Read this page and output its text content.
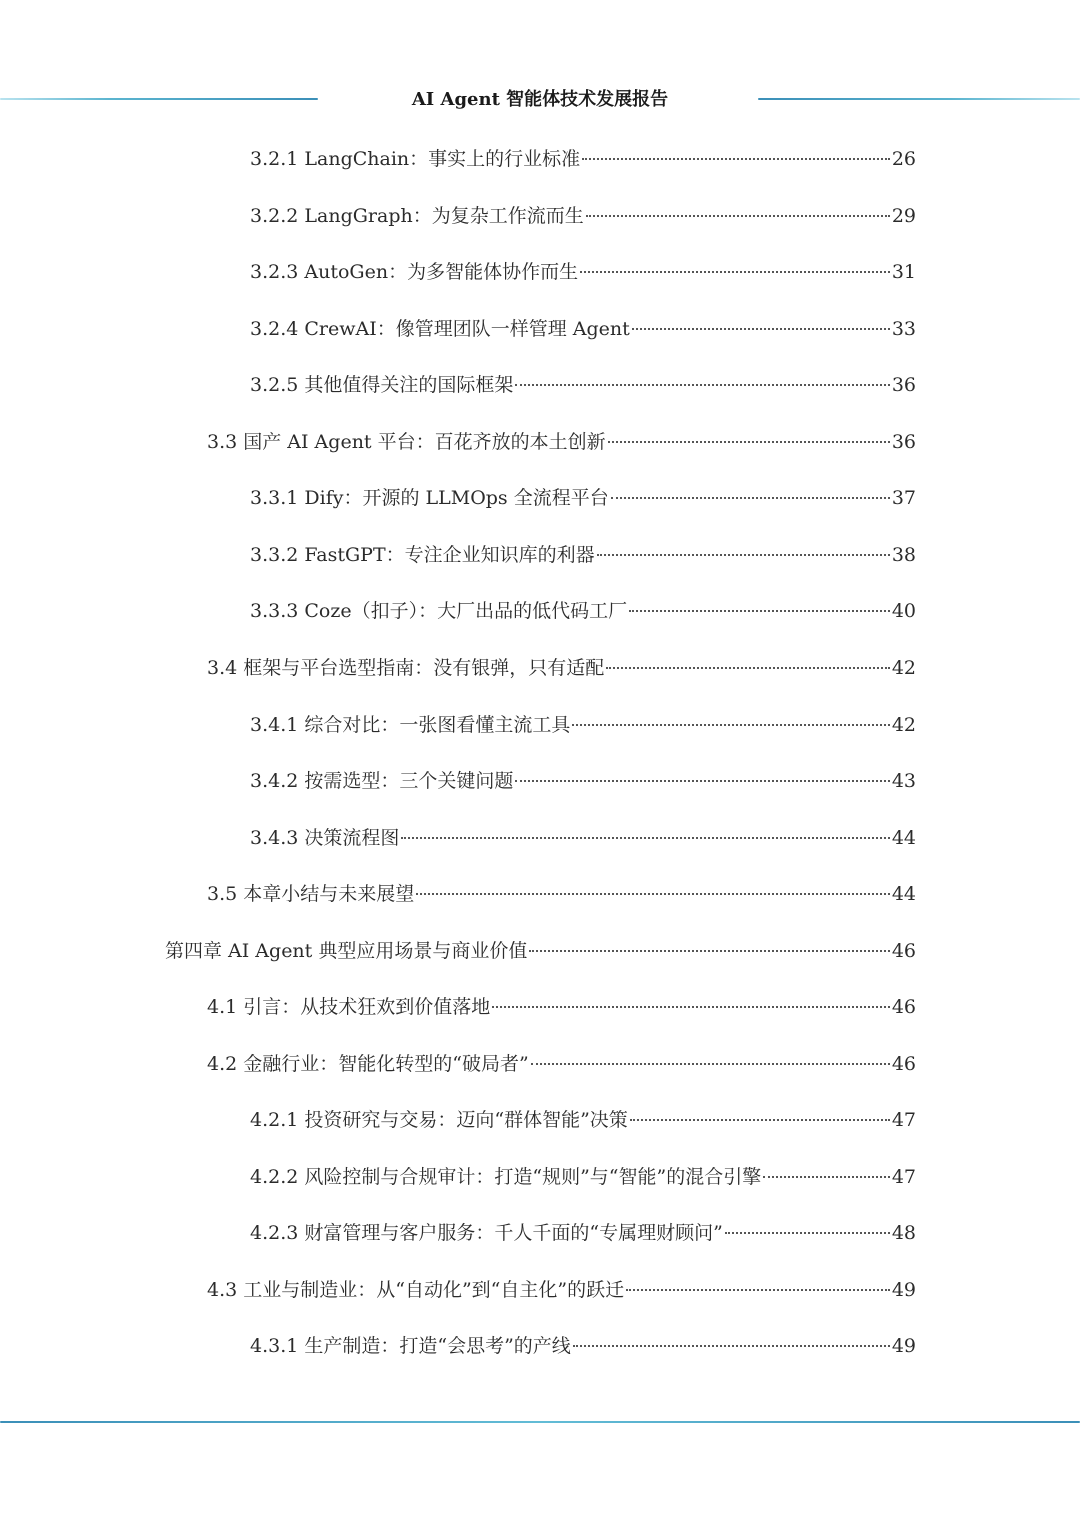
AI Agent 智能体技术发展报告
3.2.1 LangChain：事实上的行业标准	26
3.2.2 LangGraph：为复杂工作流而生	29
3.2.3 AutoGen：为多智能体协作而生	31
3.2.4 CrewAI：像管理团队一样管理 Agent	33
3.2.5 其他值得关注的国际框架	36
3.3 国产 AI Agent 平台：百花齐放的本土创新	36
3.3.1 Dify：开源的 LLMOps 全流程平台	37
3.3.2 FastGPT：专注企业知识库的利器	38
3.3.3 Coze（扣子）：大厂出品的低代码工厂	40
3.4 框架与平台选型指南：没有银弹，只有适配	42
3.4.1 综合对比：一张图看懂主流工具	42
3.4.2 按需选型：三个关键问题	43
3.4.3 决策流程图	44
3.5 本章小结与未来展望	44
第四章 AI Agent 典型应用场景与商业价值	46
4.1 引言：从技术狂欢到价值落地	46
4.2 金融行业：智能化转型的“破局者”	46
4.2.1 投资研究与交易：迈向“群体智能”决策	47
4.2.2 风险控制与合规审计：打造“规则”与“智能”的混合引擎	47
4.2.3 财富管理与客户服务：千人千面的“专属理财顾问”	48
4.3 工业与制造业：从“自动化”到“自主化”的跃迁	49
4.3.1 生产制造：打造“会思考”的产线	49
